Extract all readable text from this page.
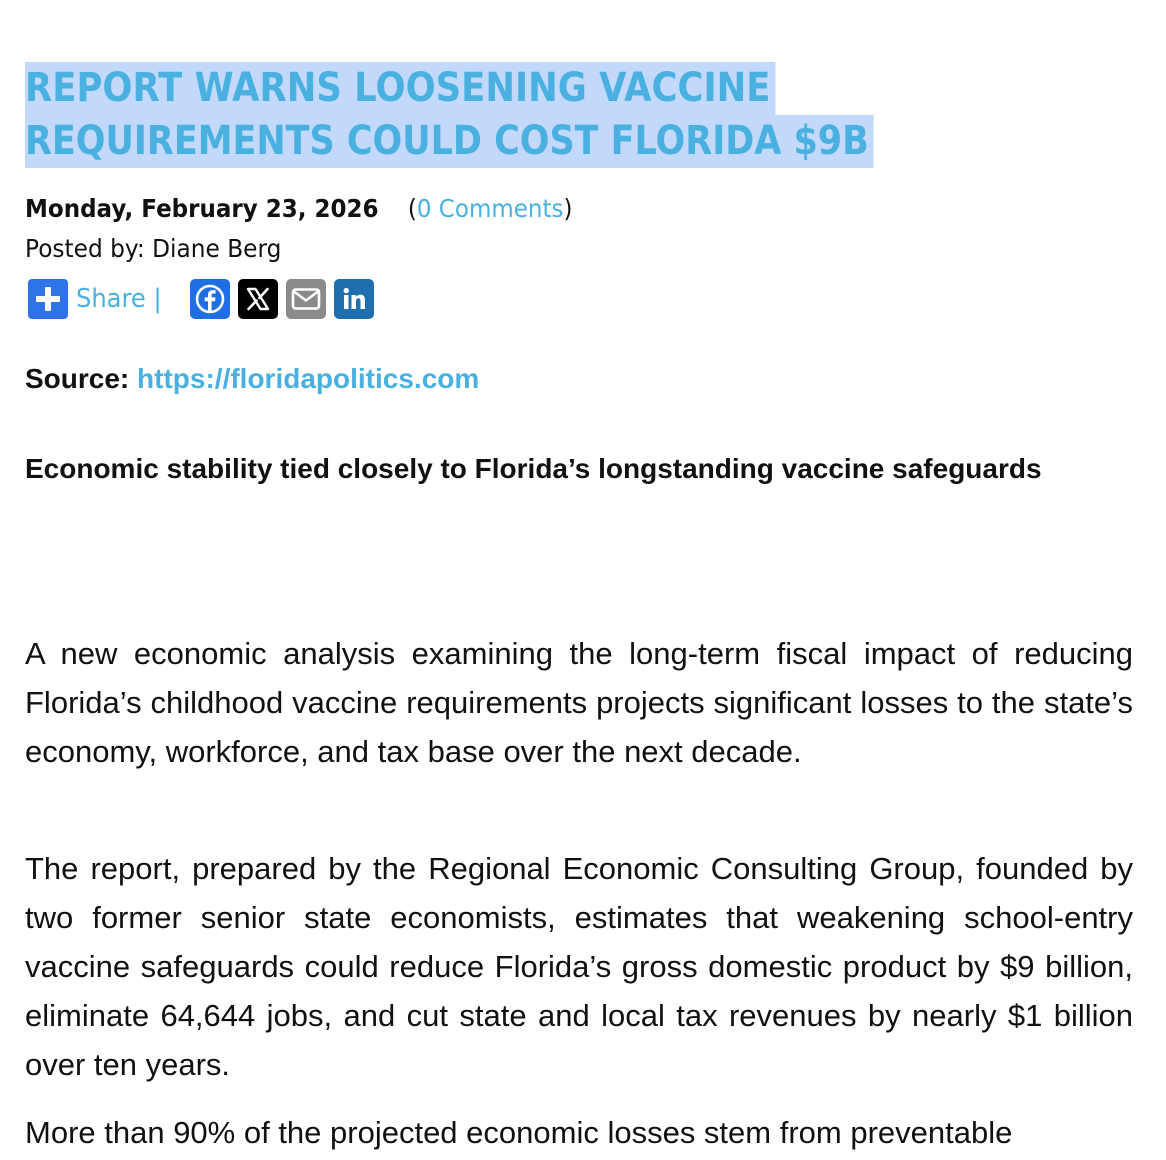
REPORT WARNS LOOSENING VACCINE
REQUIREMENTS COULD COST FLORIDA $9B
Monday, February 23, 2026 (0 Comments)
Posted by: Diane Berg
Share |
Source: https://floridapolitics.com
Economic stability tied closely to Florida’s longstanding vaccine safeguards

A new economic analysis examining the long-term fiscal impact of reducing Florida’s childhood vaccine requirements projects significant losses to the state’s economy, workforce, and tax base over the next decade.

The report, prepared by the Regional Economic Consulting Group, founded by two former senior state economists, estimates that weakening school-entry vaccine safeguards could reduce Florida’s gross domestic product by $9 billion, eliminate 64,644 jobs, and cut state and local tax revenues by nearly $1 billion over ten years.

More than 90% of the projected economic losses stem from preventable
